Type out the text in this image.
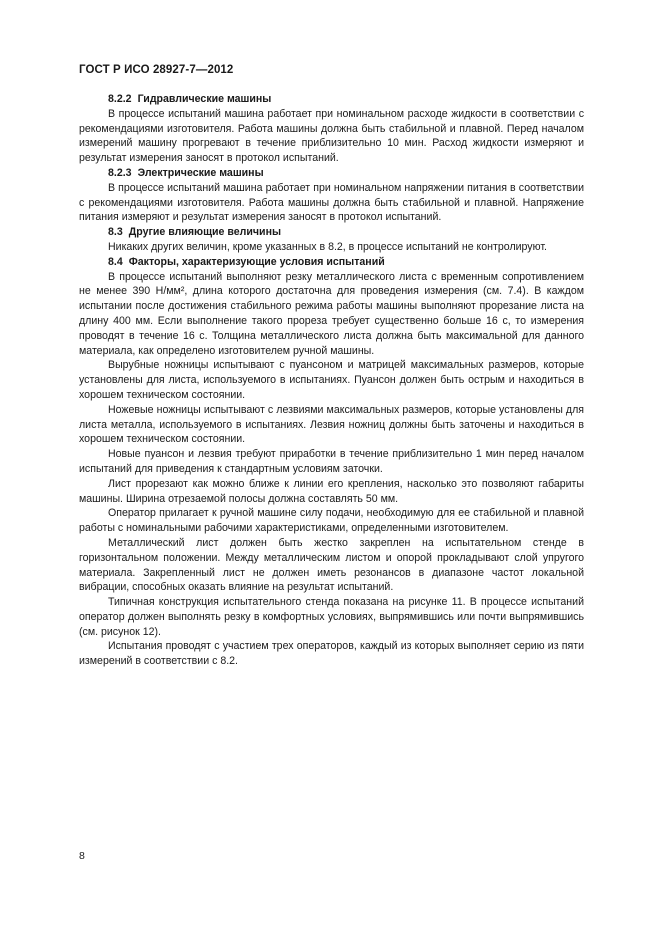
ГОСТ Р ИСО 28927-7—2012
8.2.2 Гидравлические машины

В процессе испытаний машина работает при номинальном расходе жидкости в соответствии с рекомендациями изготовителя. Работа машины должна быть стабильной и плавной. Перед началом измерений машину прогревают в течение приблизительно 10 мин. Расход жидкости измеряют и результат измерения заносят в протокол испытаний.

8.2.3 Электрические машины

В процессе испытаний машина работает при номинальном напряжении питания в соответствии с рекомендациями изготовителя. Работа машины должна быть стабильной и плавной. Напряжение питания измеряют и результат измерения заносят в протокол испытаний.

8.3 Другие влияющие величины

Никаких других величин, кроме указанных в 8.2, в процессе испытаний не контролируют.

8.4 Факторы, характеризующие условия испытаний

В процессе испытаний выполняют резку металлического листа с временным сопротивлением не менее 390 Н/мм², длина которого достаточна для проведения измерения (см. 7.4). В каждом испытании после достижения стабильного режима работы машины выполняют прорезание листа на длину 400 мм. Если выполнение такого прореза требует существенно больше 16 с, то измерения проводят в течение 16 с. Толщина металлического листа должна быть максимальной для данного материала, как определено изготовителем ручной машины.

Вырубные ножницы испытывают с пуансоном и матрицей максимальных размеров, которые установлены для листа, используемого в испытаниях. Пуансон должен быть острым и находиться в хорошем техническом состоянии.

Ножевые ножницы испытывают с лезвиями максимальных размеров, которые установлены для листа металла, используемого в испытаниях. Лезвия ножниц должны быть заточены и находиться в хорошем техническом состоянии.

Новые пуансон и лезвия требуют приработки в течение приблизительно 1 мин перед началом испытаний для приведения к стандартным условиям заточки.

Лист прорезают как можно ближе к линии его крепления, насколько это позволяют габариты машины. Ширина отрезаемой полосы должна составлять 50 мм.

Оператор прилагает к ручной машине силу подачи, необходимую для ее стабильной и плавной работы с номинальными рабочими характеристиками, определенными изготовителем.

Металлический лист должен быть жестко закреплен на испытательном стенде в горизонтальном положении. Между металлическим листом и опорой прокладывают слой упругого материала. Закрепленный лист не должен иметь резонансов в диапазоне частот локальной вибрации, способных оказать влияние на результат испытаний.

Типичная конструкция испытательного стенда показана на рисунке 11. В процессе испытаний оператор должен выполнять резку в комфортных условиях, выпрямившись или почти выпрямившись (см. рисунок 12).

Испытания проводят с участием трех операторов, каждый из которых выполняет серию из пяти измерений в соответствии с 8.2.

8
